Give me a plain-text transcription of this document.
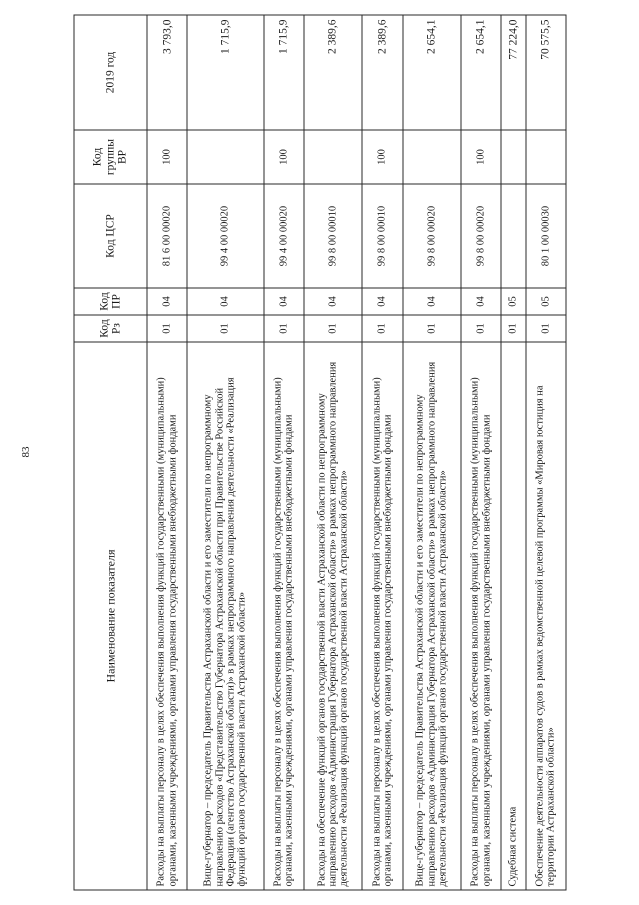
83
Наименование показателя	Код Рз	Код ПР	Код ЦСР	Код группы ВР	2019 год
Расходы на выплаты персоналу в целях обеспечения выполнения функций государственными (муниципальными) органами, казенными учреждениями, органами управления государственными внебюджетными фондами	01	04	81 6 00 00020	100	3 793,0
Вице-губернатор – председатель Правительства Астраханской области и его заместители по непрограммному направлению расходов «Представительство Губернатора Астраханской области при Правительстве Российской Федерации (агентство Астраханской области)» в рамках непрограммного направления деятельности «Реализация функций органов государственной власти Астраханской области»	01	04	99 4 00 00020		1 715,9
Расходы на выплаты персоналу в целях обеспечения выполнения функций государственными (муниципальными) органами, казенными учреждениями, органами управления государственными внебюджетными фондами	01	04	99 4 00 00020	100	1 715,9
Расходы на обеспечение функций органов государственной власти Астраханской области по непрограммному направлению расходов «Администрация Губернатора Астраханской области» в рамках непрограммного направления деятельности «Реализация функций органов государственной власти Астраханской области»	01	04	99 8 00 00010		2 389,6
Расходы на выплаты персоналу в целях обеспечения выполнения функций государственными (муниципальными) органами, казенными учреждениями, органами управления государственными внебюджетными фондами	01	04	99 8 00 00010	100	2 389,6
Вице-губернатор – председатель Правительства Астраханской области и его заместители по непрограммному направлению расходов «Администрация Губернатора Астраханской области» в рамках непрограммного направления деятельности «Реализация функций органов государственной власти Астраханской области»	01	04	99 8 00 00020		2 654,1
Расходы на выплаты персоналу в целях обеспечения выполнения функций государственными (муниципальными) органами, казенными учреждениями, органами управления государственными внебюджетными фондами	01	04	99 8 00 00020	100	2 654,1
Судебная система	01	05			77 224,0
Обеспечение деятельности аппаратов судов в рамках ведомственной целевой программы «Мировая юстиция на территории Астраханской области»	01	05	80 1 00 00030		70 575,5
